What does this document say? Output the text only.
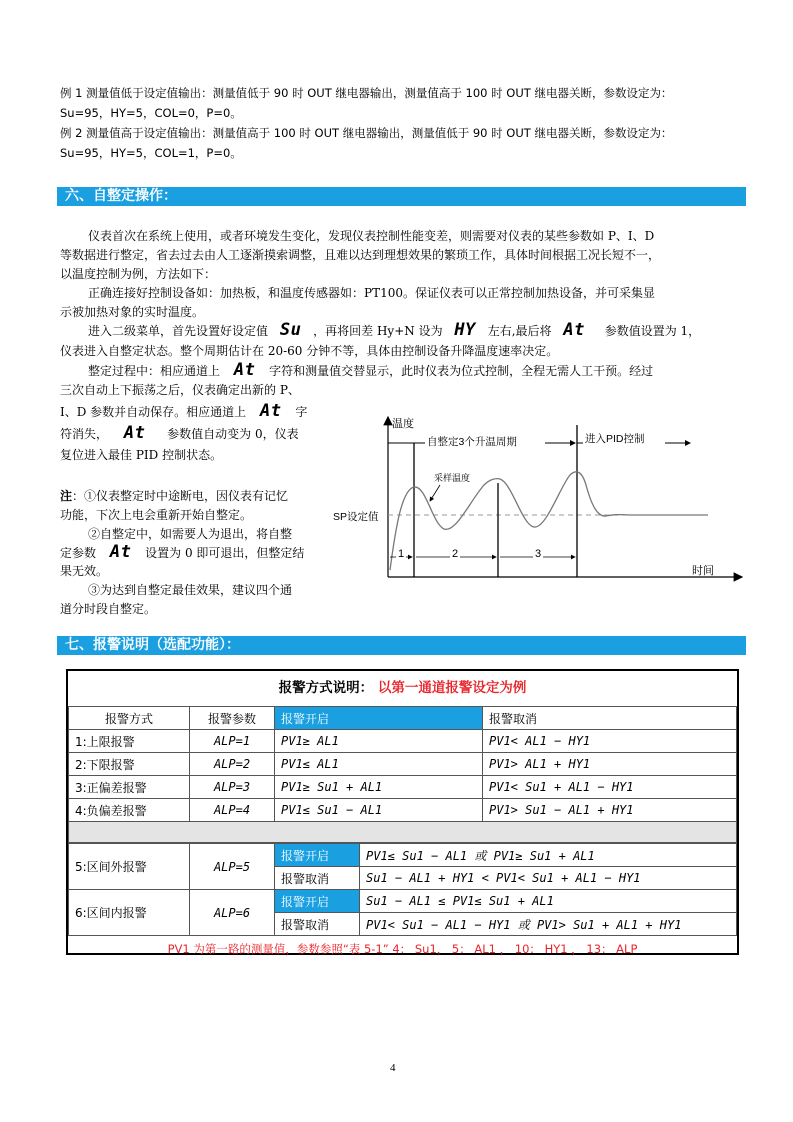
例 1 测量值低于设定值输出：测量值低于 90 时 OUT 继电器输出，测量值高于 100 时 OUT 继电器关断，参数设定为：
Su=95，HY=5，COL=0，P=0。
例 2 测量值高于设定值输出：测量值高于 100 时 OUT 继电器输出，测量值低于 90 时 OUT 继电器关断，参数设定为：
Su=95，HY=5，COL=1，P=0。
六、自整定操作：
仪表首次在系统上使用，或者环境发生变化，发现仪表控制性能变差，则需要对仪表的某些参数如 P、I、D
等数据进行整定，省去过去由人工逐渐摸索调整，且难以达到理想效果的繁琐工作，具体时间根据工况长短不一，
以温度控制为例，方法如下：
正确连接好控制设备如：加热板，和温度传感器如：PT100。保证仪表可以正常控制加热设备，并可采集显
示被加热对象的实时温度。
进入二级菜单，首先设置好设定值 Su ，再将回差 Hy+N 设为 HY 左右,最后将 At 参数值设置为 1，
仪表进入自整定状态。整个周期估计在 20-60 分钟不等，具体由控制设备升降温度速率决定。
整定过程中：相应通道上 At 字符和测量值交替显示，此时仪表为位式控制，全程无需人工干预。经过
三次自动上下振荡之后，仪表确定出新的 P、
I、D 参数并自动保存。相应通道上 At 字
符消失， At 参数值自动变为 0，仪表
复位进入最佳 PID 控制状态。
注：①仪表整定时中途断电，因仪表有记忆
功能，下次上电会重新开始自整定。
②自整定中，如需要人为退出，将自整
定参数 At 设置为 0 即可退出，但整定结
果无效。
③为达到自整定最佳效果，建议四个通
道分时段自整定。
温度
时间
SP设定值
自整定3个升温周期	进入PID控制
采样温度
1	2	3
七、报警说明（选配功能）：
报警方式说明： 以第一通道报警设定为例
报警方式	报警参数	报警开启	报警取消
1:上限报警	ALP=1	PV1≥ AL1	PV1< AL1 − HY1
2:下限报警	ALP=2	PV1≤ AL1	PV1> AL1 + HY1
3:正偏差报警	ALP=3	PV1≥ Su1 + AL1	PV1< Su1 + AL1 − HY1
4:负偏差报警	ALP=4	PV1≤ Su1 − AL1	PV1> Su1 − AL1 + HY1

5:区间外报警	ALP=5	报警开启	PV1≤ Su1 − AL1 或 PV1≥ Su1 + AL1
		报警取消	Su1 − AL1 + HY1 < PV1< Su1 + AL1 − HY1
6:区间内报警	ALP=6	报警开启	Su1 − AL1 ≤ PV1≤ Su1 + AL1
		报警取消	PV1< Su1 − AL1 − HY1 或 PV1> Su1 + AL1 + HY1
PV1 为第一路的测量值，参数参照“表 5-1” 4： Su1， 5： AL1 ， 10： HY1 ， 13： ALP
4
